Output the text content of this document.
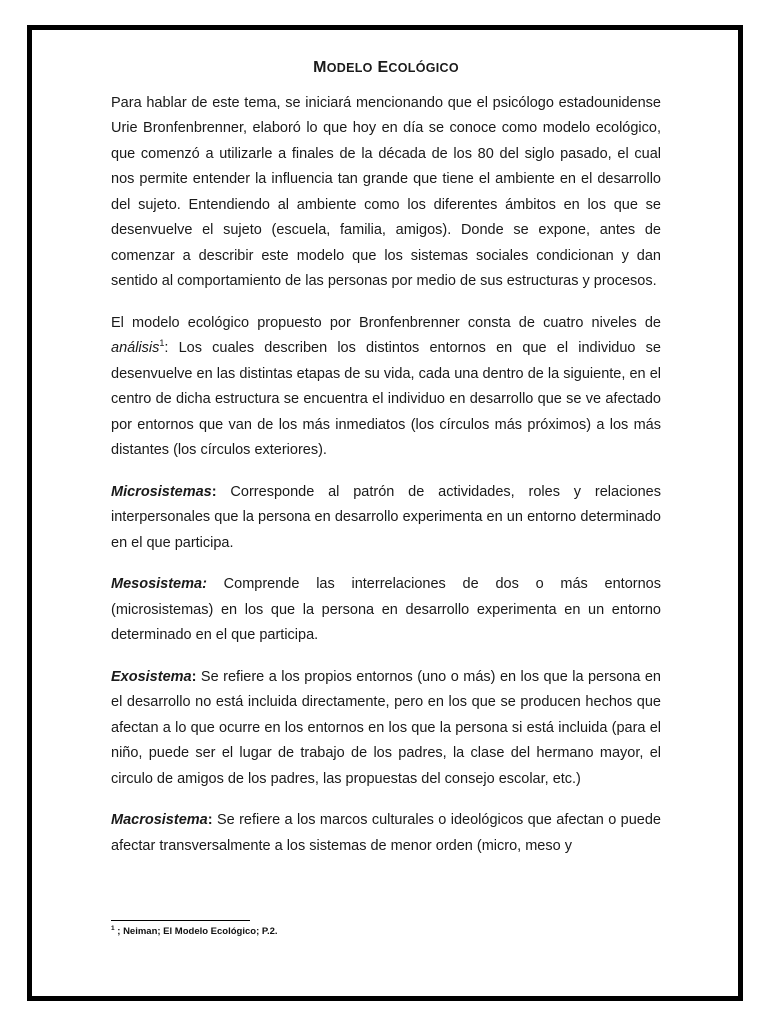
MODELO ECOLÓGICO

Para hablar de este tema, se iniciará mencionando que el psicólogo estadounidense Urie Bronfenbrenner, elaboró lo que hoy en día se conoce como modelo ecológico, que comenzó a utilizarle a finales de la década de los 80 del siglo pasado, el cual nos permite entender la influencia tan grande que tiene el ambiente en el desarrollo del sujeto. Entendiendo al ambiente como los diferentes ámbitos en los que se desenvuelve el sujeto (escuela, familia, amigos). Donde se expone, antes de comenzar a describir este modelo que los sistemas sociales condicionan y dan sentido al comportamiento de las personas por medio de sus estructuras y procesos.

El modelo ecológico propuesto por Bronfenbrenner consta de cuatro niveles de análisis$^1$: Los cuales describen los distintos entornos en que el individuo se desenvuelve en las distintas etapas de su vida, cada una dentro de la siguiente, en el centro de dicha estructura se encuentra el individuo en desarrollo que se ve afectado por entornos que van de los más inmediatos (los círculos más próximos) a los más distantes (los círculos exteriores).

Microsistemas: Corresponde al patrón de actividades, roles y relaciones interpersonales que la persona en desarrollo experimenta en un entorno determinado en el que participa.

Mesosistema: Comprende las interrelaciones de dos o más entornos (microsistemas) en los que la persona en desarrollo experimenta en un entorno determinado en el que participa.

Exosistema: Se refiere a los propios entornos (uno o más) en los que la persona en el desarrollo no está incluida directamente, pero en los que se producen hechos que afectan a lo que ocurre en los entornos en los que la persona si está incluida (para el niño, puede ser el lugar de trabajo de los padres, la clase del hermano mayor, el circulo de amigos de los padres, las propuestas del consejo escolar, etc.)

Macrosistema: Se refiere a los marcos culturales o ideológicos que afectan o puede afectar transversalmente a los sistemas de menor orden (micro, meso y

$^1$ ; Neiman; El Modelo Ecológico; P.2.
